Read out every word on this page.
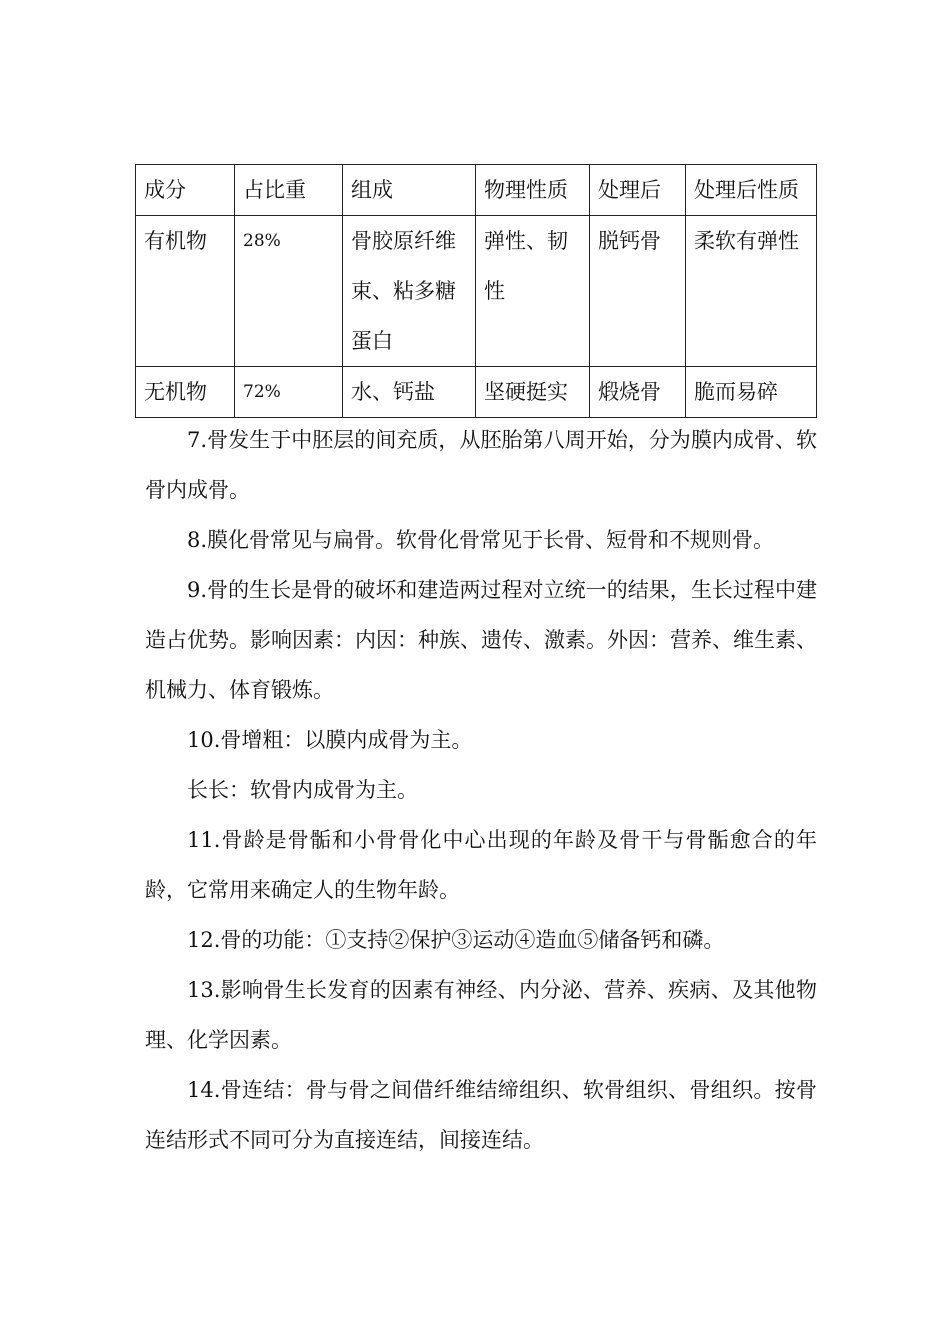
成分	占比重	组成	物理性质	处理后	处理后性质
有机物	28%	骨胶原纤维束、粘多糖蛋白	弹性、韧性	脱钙骨	柔软有弹性
无机物	72%	水、钙盐	坚硬挺实	煅烧骨	脆而易碎

7.骨发生于中胚层的间充质，从胚胎第八周开始，分为膜内成骨、软骨内成骨。

8.膜化骨常见与扁骨。软骨化骨常见于长骨、短骨和不规则骨。

9.骨的生长是骨的破坏和建造两过程对立统一的结果，生长过程中建造占优势。影响因素：内因：种族、遗传、激素。外因：营养、维生素、机械力、体育锻炼。

10.骨增粗：以膜内成骨为主。

长长：软骨内成骨为主。

11.骨龄是骨骺和小骨骨化中心出现的年龄及骨干与骨骺愈合的年龄，它常用来确定人的生物年龄。

12.骨的功能：①支持②保护③运动④造血⑤储备钙和磷。

13.影响骨生长发育的因素有神经、内分泌、营养、疾病、及其他物理、化学因素。

14.骨连结：骨与骨之间借纤维结缔组织、软骨组织、骨组织。按骨连结形式不同可分为直接连结，间接连结。
